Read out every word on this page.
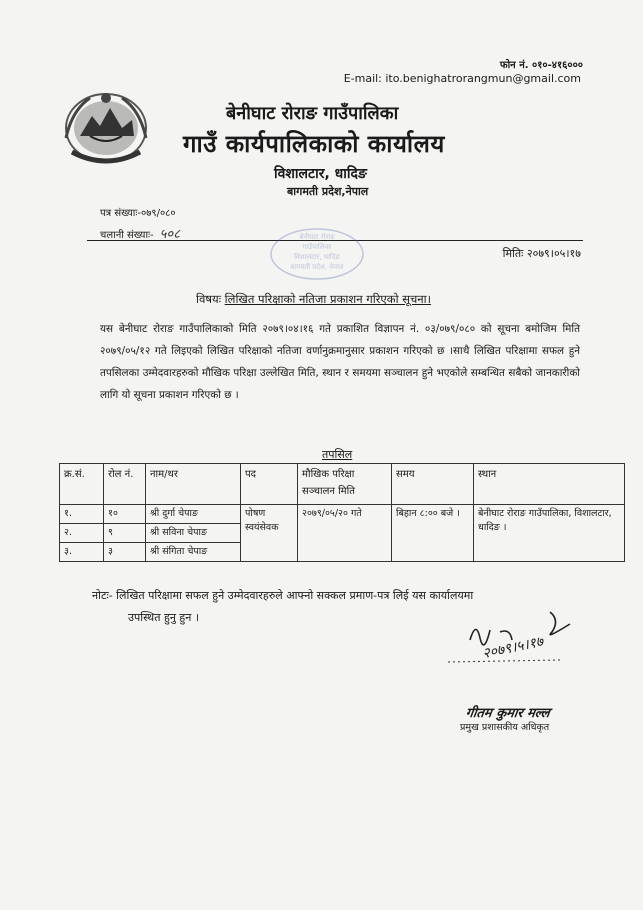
फोन नं. ०१०-४१६०००
E-mail: ito.benighatrorangmun@gmail.com
बेनीघाट रोराङ गाउँपालिका
गाउँ कार्यपालिकाको कार्यालय
विशालटार, धादिङ
बागमती प्रदेश,नेपाल
पत्र संख्याः-०७९/०८०
चलानी संख्याः- ५०८
मितिः २०७९।०५।१७
बेनीघाट रोराङ
गाउँपालिका
विशालटार, धादिङ
बागमती प्रदेश, नेपाल
विषयः लिखित परिक्षाको नतिजा प्रकाशन गरिएको सूचना।
यस बेनीघाट रोराङ गाउँपालिकाको मिति २०७९।०४।१६ गते प्रकाशित विज्ञापन नं. ०३/०७९/०८० को सूचना बमोजिम मिति २०७९/०५/१२ गते लिइएको लिखित परिक्षाको नतिजा वर्णानुक्रमानुसार प्रकाशन गरिएको छ ।साथै लिखित परिक्षामा सफल हुने तपसिलका उम्मेदवारहरुको मौखिक परिक्षा उल्लेखित मिति, स्थान र समयमा सञ्चालन हुने भएकोले सम्बन्धित सबैको जानकारीको लागि यो सूचना प्रकाशन गरिएको छ ।
तपसिल
क्र.सं.	रोल नं.	नाम/थर	पद	मौखिक परिक्षा सञ्चालन मिति	समय	स्थान
१.	१०	श्री दुर्गा चेपाङ	पोषण स्वयंसेवक	२०७९/०५/२० गते	बिहान ८:०० बजे ।	बेनीघाट रोराङ गाउँपालिका, विशालटार, धादिङ ।
२.	९	श्री सविना चेपाङ				
३.	३	श्री संगिता चेपाङ				
नोटः- लिखित परिक्षामा सफल हुने उम्मेदवारहरुले आफ्नो सक्कल प्रमाण-पत्र लिई यस कार्यालयमा
उपस्थित हुनु हुन ।
२०७९।५।१७
गीतम कुमार मल्ल
प्रमुख प्रशासकीय अधिकृत
